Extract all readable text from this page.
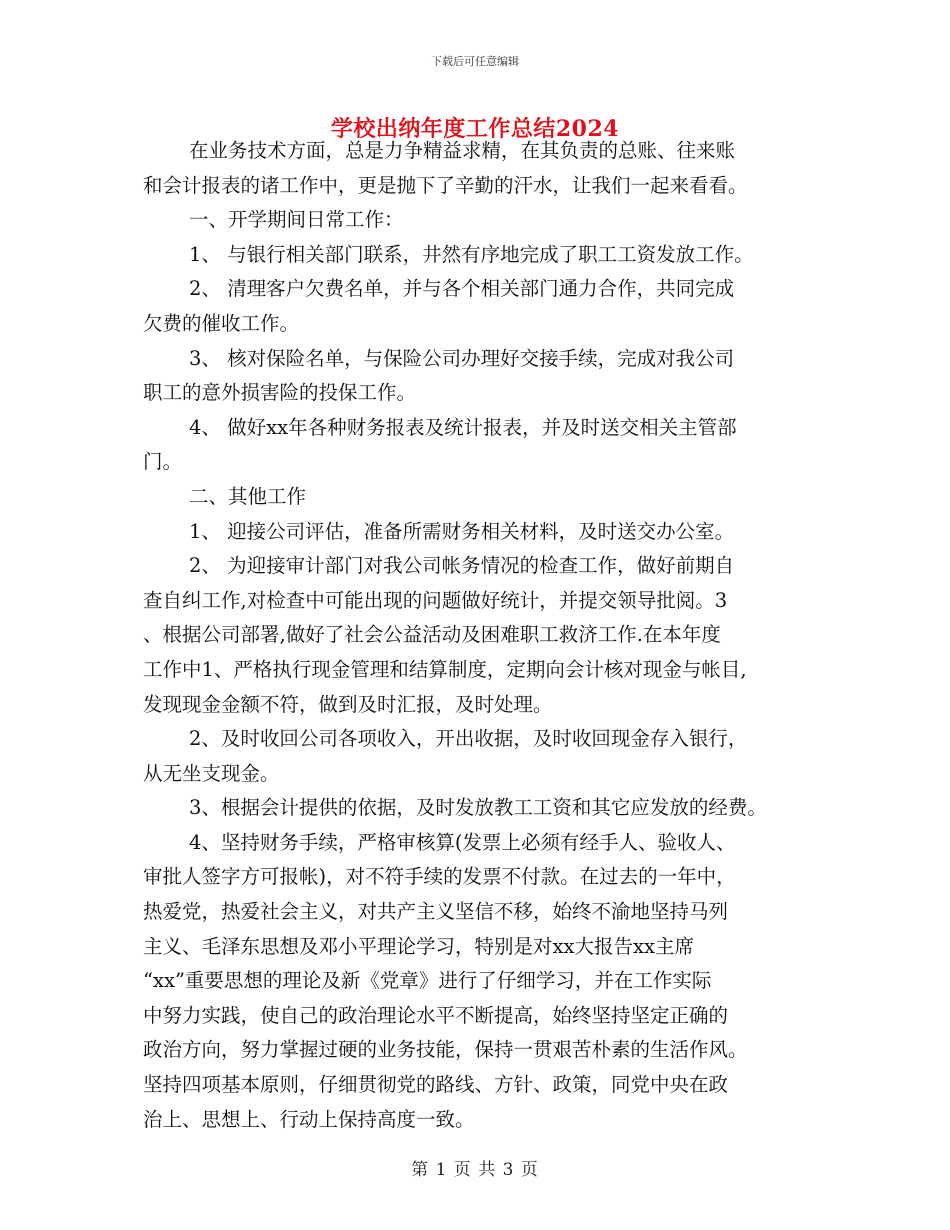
下载后可任意编辑
学校出纳年度工作总结2024
在业务技术方面，总是力争精益求精，在其负责的总账、往来账
和会计报表的诸工作中，更是抛下了辛勤的汗水，让我们一起来看看。
一、开学期间日常工作：
1、 与银行相关部门联系，井然有序地完成了职工工资发放工作。
2、 清理客户欠费名单，并与各个相关部门通力合作，共同完成
欠费的催收工作。
3、 核对保险名单，与保险公司办理好交接手续，完成对我公司
职工的意外损害险的投保工作。
4、 做好xx年各种财务报表及统计报表，并及时送交相关主管部
门。
二、其他工作
1、 迎接公司评估，准备所需财务相关材料，及时送交办公室。
2、 为迎接审计部门对我公司帐务情况的检查工作，做好前期自
查自纠工作,对检查中可能出现的问题做好统计，并提交领导批阅。3
、根据公司部署,做好了社会公益活动及困难职工救济工作.在本年度
工作中1、严格执行现金管理和结算制度，定期向会计核对现金与帐目,
发现现金金额不符，做到及时汇报，及时处理。
2、及时收回公司各项收入，开出收据，及时收回现金存入银行，
从无坐支现金。
3、根据会计提供的依据，及时发放教工工资和其它应发放的经费。
4、坚持财务手续，严格审核算(发票上必须有经手人、验收人、
审批人签字方可报帐)，对不符手续的发票不付款。在过去的一年中，
热爱党，热爱社会主义，对共产主义坚信不移，始终不渝地坚持马列
主义、毛泽东思想及邓小平理论学习，特别是对xx大报告xx主席
“xx”重要思想的理论及新《党章》进行了仔细学习，并在工作实际
中努力实践，使自己的政治理论水平不断提高，始终坚持坚定正确的
政治方向，努力掌握过硬的业务技能，保持一贯艰苦朴素的生活作风。
坚持四项基本原则，仔细贯彻党的路线、方针、政策，同党中央在政
治上、思想上、行动上保持高度一致。
第 1 页 共 3 页
